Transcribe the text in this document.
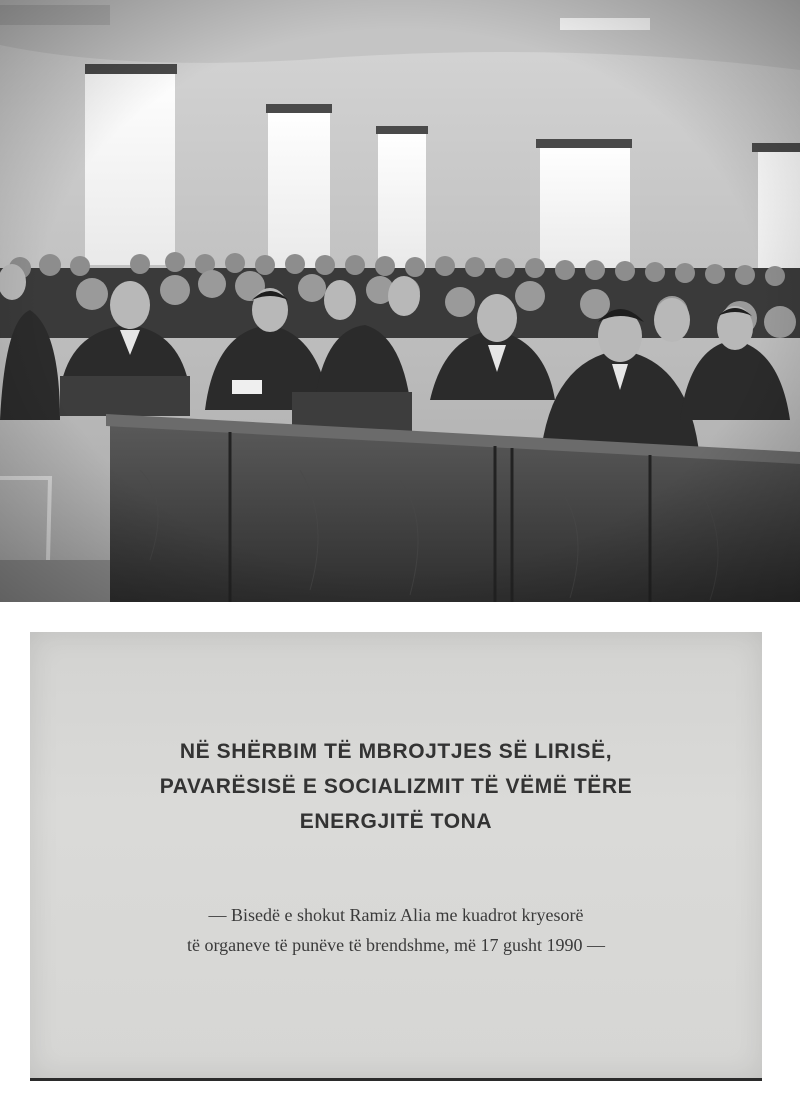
NË SHËRBIM TË MBROJTJES SË LIRISË,
PAVARËSISË E SOCIALIZMIT TË VËMË TËRE
ENERGJITË TONA

— Bisedë e shokut Ramiz Alia me kuadrot kryesorë
të organeve të punëve të brendshme, më 17 gusht 1990 —
